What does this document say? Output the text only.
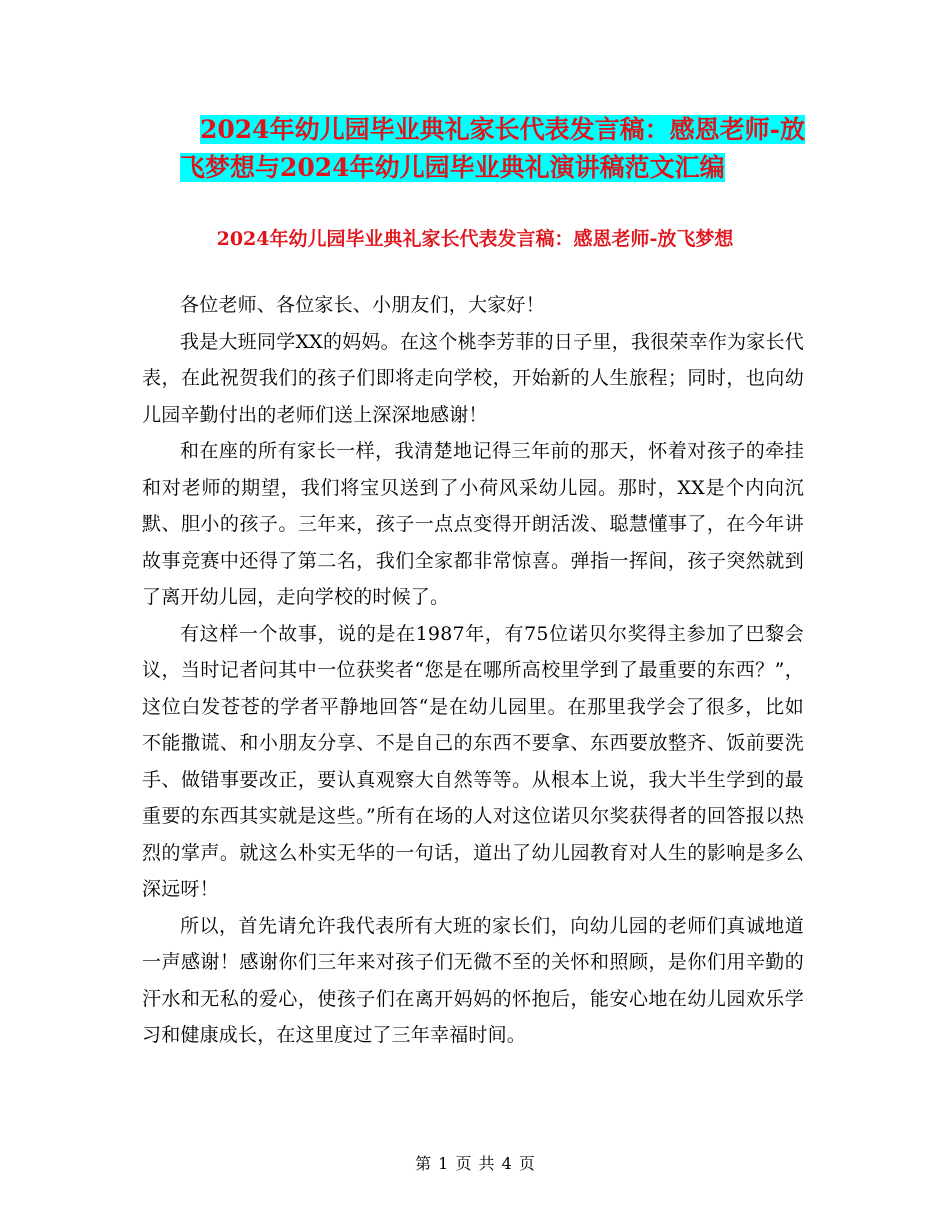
2024年幼儿园毕业典礼家长代表发言稿：感恩老师-放飞梦想与2024年幼儿园毕业典礼演讲稿范文汇编
2024年幼儿园毕业典礼家长代表发言稿：感恩老师-放飞梦想

各位老师、各位家长、小朋友们，大家好！

我是大班同学XX的妈妈。在这个桃李芳菲的日子里，我很荣幸作为家长代表，在此祝贺我们的孩子们即将走向学校，开始新的人生旅程；同时，也向幼儿园辛勤付出的老师们送上深深地感谢！

和在座的所有家长一样，我清楚地记得三年前的那天，怀着对孩子的牵挂和对老师的期望，我们将宝贝送到了小荷风采幼儿园。那时，XX是个内向沉默、胆小的孩子。三年来，孩子一点点变得开朗活泼、聪慧懂事了，在今年讲故事竞赛中还得了第二名，我们全家都非常惊喜。弹指一挥间，孩子突然就到了离开幼儿园，走向学校的时候了。

有这样一个故事，说的是在1987年，有75位诺贝尔奖得主参加了巴黎会议，当时记者问其中一位获奖者“您是在哪所高校里学到了最重要的东西？”，这位白发苍苍的学者平静地回答“是在幼儿园里。在那里我学会了很多，比如不能撒谎、和小朋友分享、不是自己的东西不要拿、东西要放整齐、饭前要洗手、做错事要改正，要认真观察大自然等等。从根本上说，我大半生学到的最重要的东西其实就是这些。”所有在场的人对这位诺贝尔奖获得者的回答报以热烈的掌声。就这么朴实无华的一句话，道出了幼儿园教育对人生的影响是多么深远呀！

所以，首先请允许我代表所有大班的家长们，向幼儿园的老师们真诚地道一声感谢！感谢你们三年来对孩子们无微不至的关怀和照顾，是你们用辛勤的汗水和无私的爱心，使孩子们在离开妈妈的怀抱后，能安心地在幼儿园欢乐学习和健康成长，在这里度过了三年幸福时间。

第 1 页 共 4 页
